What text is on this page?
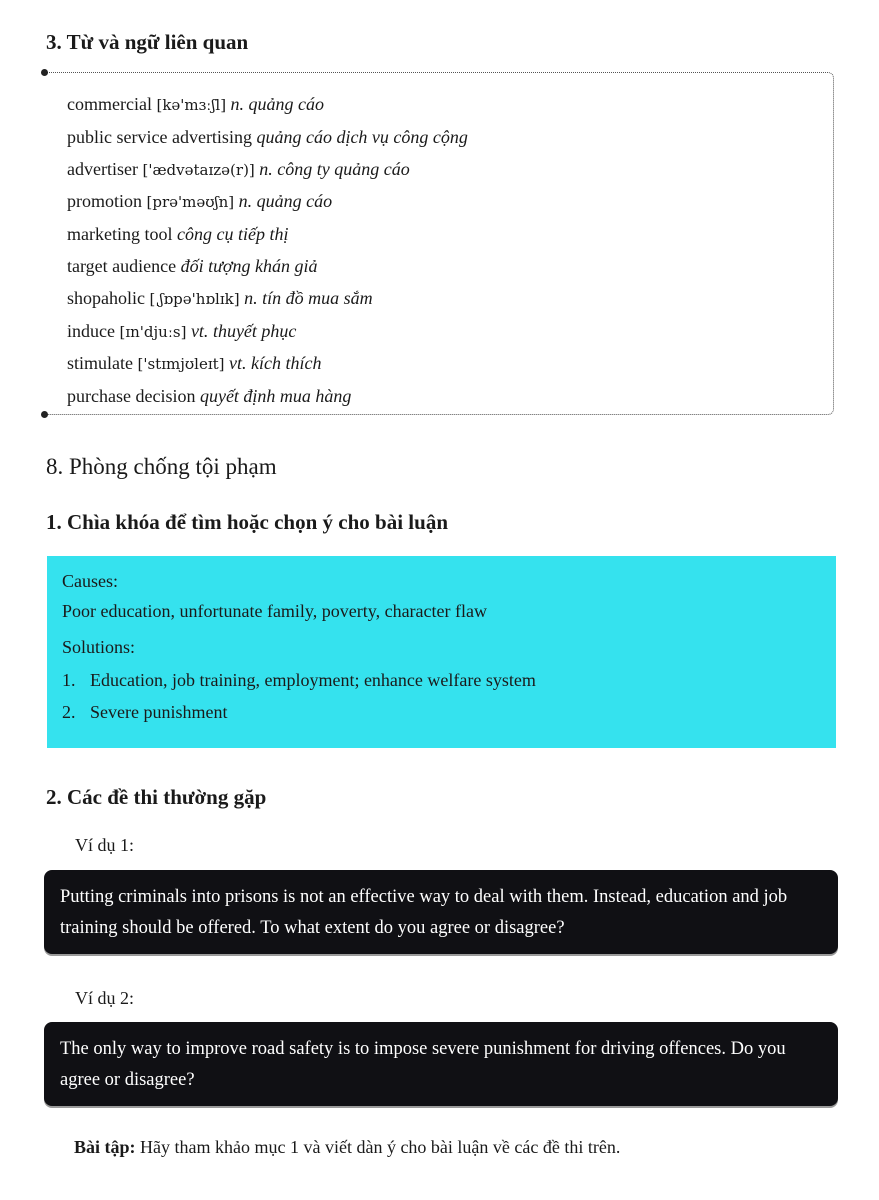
3. Từ và ngữ liên quan
commercial [kə'mɜːʃl] n. quảng cáo
public service advertising quảng cáo dịch vụ công cộng
advertiser ['ædvətaɪzə(r)] n. công ty quảng cáo
promotion [prə'məʊʃn] n. quảng cáo
marketing tool công cụ tiếp thị
target audience đối tượng khán giả
shopaholic [ˌʃɒpə'hɒlɪk] n. tín đồ mua sắm
induce [ɪn'djuːs] vt. thuyết phục
stimulate ['stɪmjʊleɪt] vt. kích thích
purchase decision quyết định mua hàng
8. Phòng chống tội phạm
1. Chìa khóa để tìm hoặc chọn ý cho bài luận

Causes:

Poor education, unfortunate family, poverty, character flaw

Solutions:

1. Education, job training, employment; enhance welfare system
2. Severe punishment
2. Các đề thi thường gặp

Ví dụ 1:

Putting criminals into prisons is not an effective way to deal with them. Instead, education and job training should be offered. To what extent do you agree or disagree?

Ví dụ 2:

The only way to improve road safety is to impose severe punishment for driving offences. Do you agree or disagree?

Bài tập: Hãy tham khảo mục 1 và viết dàn ý cho bài luận về các đề thi trên.
